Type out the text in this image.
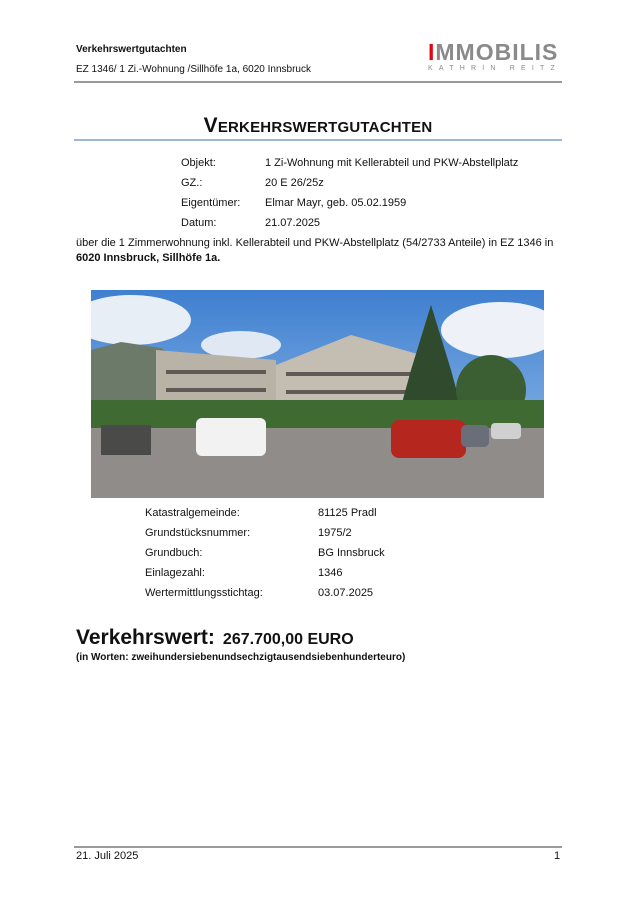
Verkehrswertgutachten
EZ 1346/ 1 Zi.-Wohnung /Sillhöfe 1a, 6020 Innsbruck
IMMOBILIS
KATHRIN REITZ
Verkehrswertgutachten
Objekt:	1 Zi-Wohnung mit Kellerabteil und PKW-Abstellplatz
GZ.:	20 E 26/25z
Eigentümer: Elmar Mayr, geb. 05.02.1959
Datum:	21.07.2025
über die 1 Zimmerwohnung inkl. Kellerabteil und PKW-Abstellplatz (54/2733 Anteile) in EZ 1346 in 6020 Innsbruck, Sillhöfe 1a.
Katastralgemeinde:	81125 Pradl
Grundstücksnummer:	1975/2
Grundbuch:	BG Innsbruck
Einlagezahl:	1346
Wertermittlungsstichtag:	03.07.2025
Verkehrswert: 267.700,00 EURO
(in Worten: zweihundersiebenundsechzigtausendsiebenhunderteuro)
21. Juli 2025	1
